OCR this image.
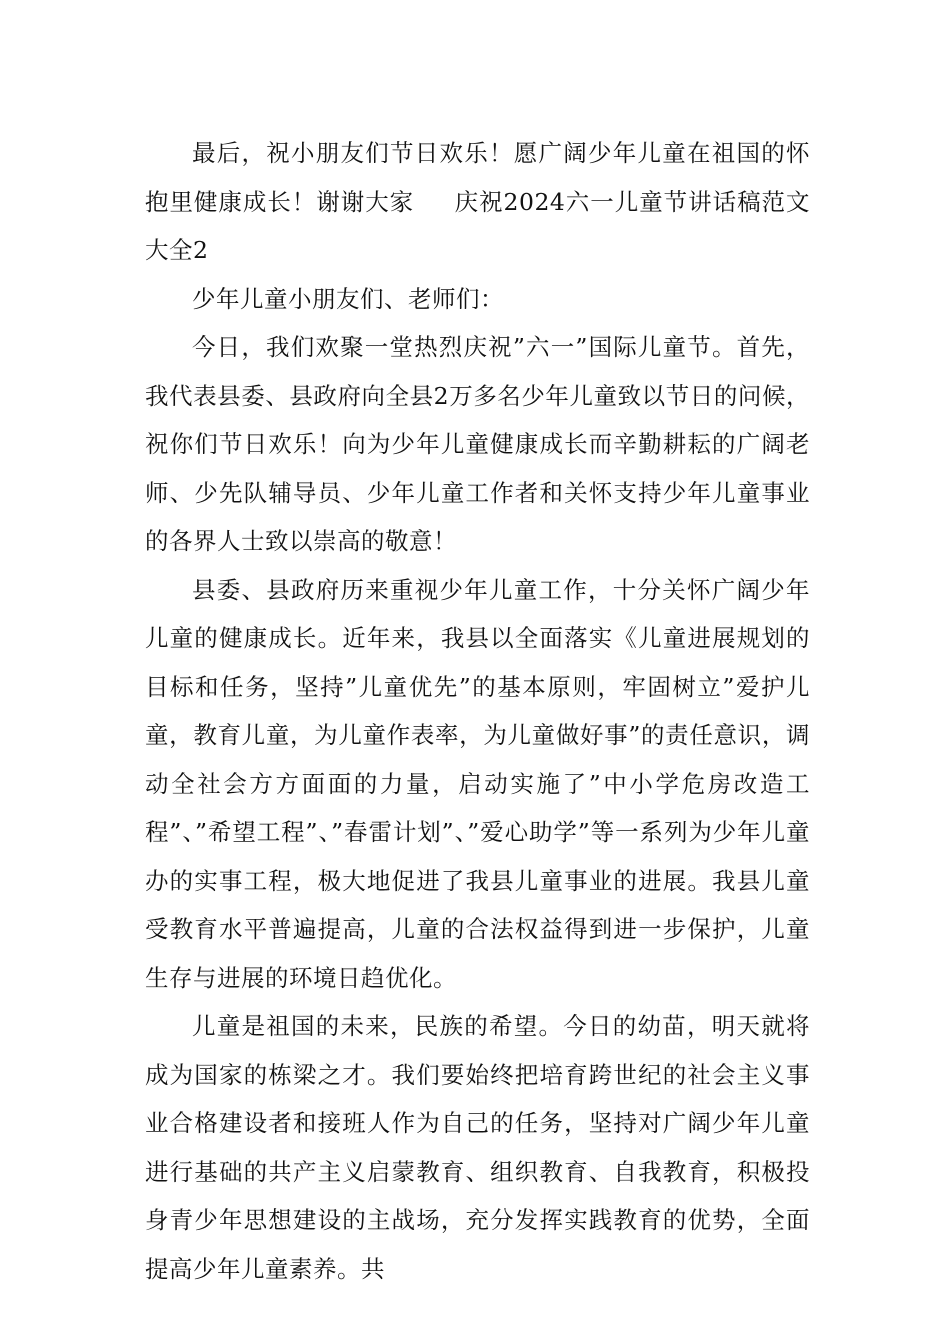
最后，祝小朋友们节日欢乐！愿广阔少年儿童在祖国的怀抱里健康成长！谢谢大家 庆祝2024六一儿童节讲话稿范文大全2

少年儿童小朋友们、老师们：

今日，我们欢聚一堂热烈庆祝”六一”国际儿童节。首先，我代表县委、县政府向全县2万多名少年儿童致以节日的问候，祝你们节日欢乐！向为少年儿童健康成长而辛勤耕耘的广阔老师、少先队辅导员、少年儿童工作者和关怀支持少年儿童事业的各界人士致以崇高的敬意！

县委、县政府历来重视少年儿童工作，十分关怀广阔少年儿童的健康成长。近年来，我县以全面落实《儿童进展规划的目标和任务，坚持”儿童优先”的基本原则，牢固树立”爱护儿童，教育儿童，为儿童作表率，为儿童做好事”的责任意识，调动全社会方方面面的力量，启动实施了”中小学危房改造工程”、”希望工程”、”春雷计划”、”爱心助学”等一系列为少年儿童办的实事工程，极大地促进了我县儿童事业的进展。我县儿童受教育水平普遍提高，儿童的合法权益得到进一步保护，儿童生存与进展的环境日趋优化。

儿童是祖国的未来，民族的希望。今日的幼苗，明天就将成为国家的栋梁之才。我们要始终把培育跨世纪的社会主义事业合格建设者和接班人作为自己的任务，坚持对广阔少年儿童进行基础的共产主义启蒙教育、组织教育、自我教育，积极投身青少年思想建设的主战场，充分发挥实践教育的优势，全面提高少年儿童素养。共
